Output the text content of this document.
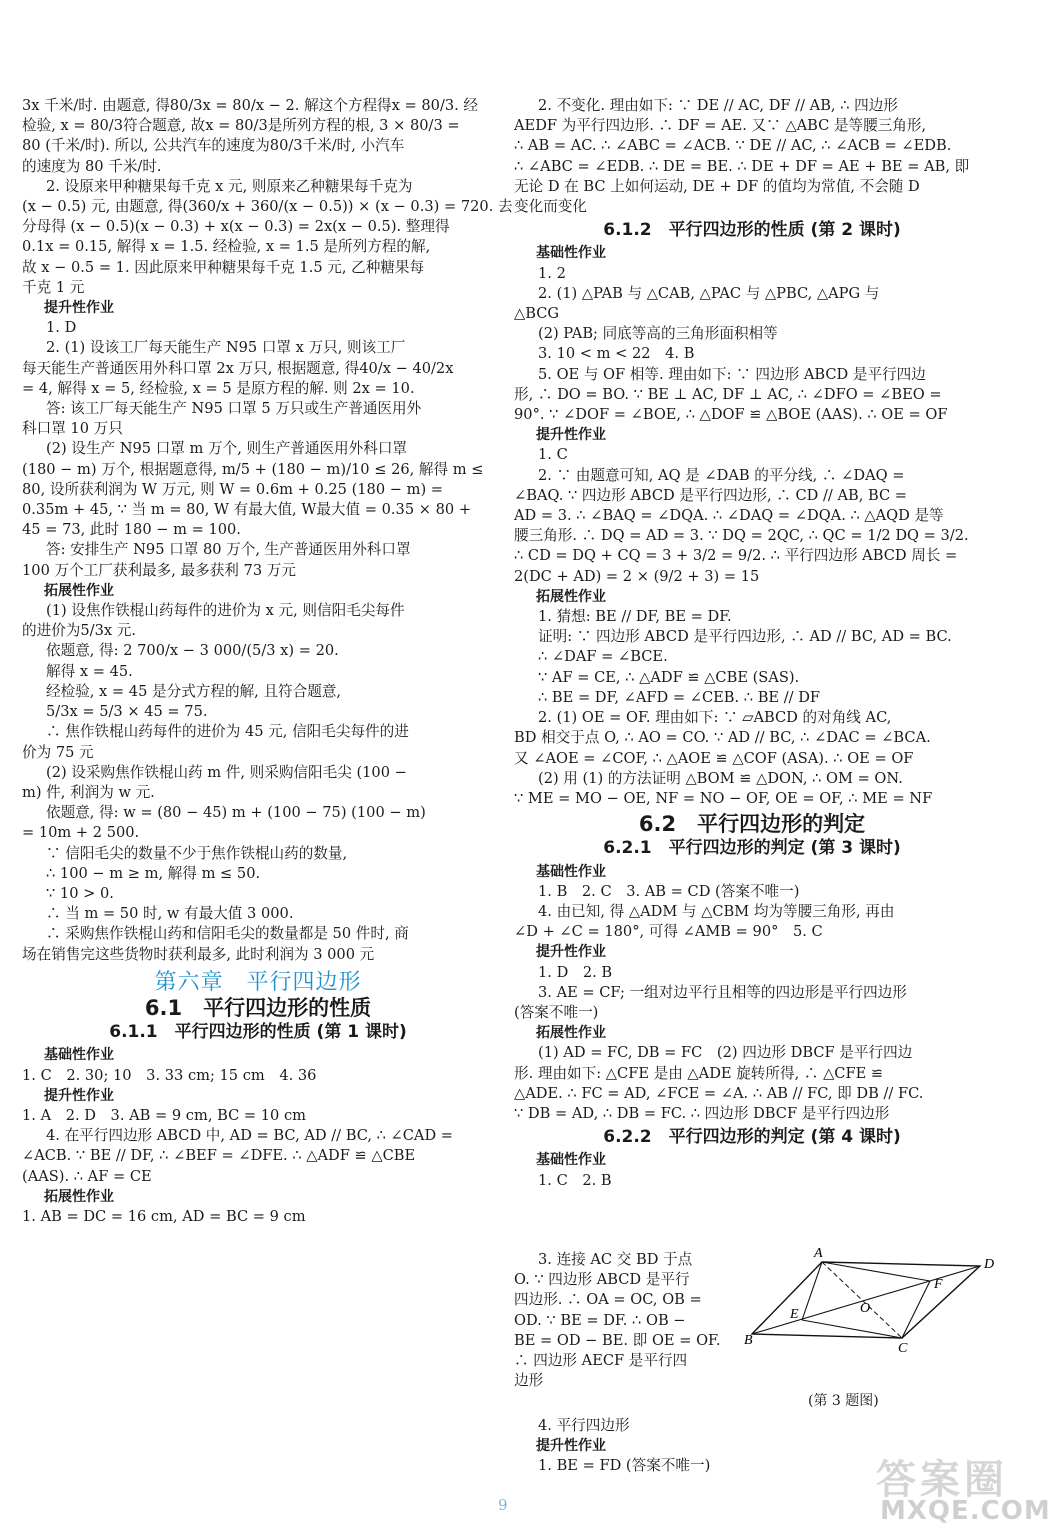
3x 千米/时. 由题意, 得80/3x = 80/x − 2. 解这个方程得x = 80/3. 经

检验, x = 80/3符合题意, 故x = 80/3是所列方程的根, 3 × 80/3 =

80 (千米/时). 所以, 公共汽车的速度为80/3千米/时, 小汽车

的速度为 80 千米/时.

2. 设原来甲种糖果每千克 x 元, 则原来乙种糖果每千克为

(x − 0.5) 元, 由题意, 得(360/x + 360/(x − 0.5)) × (x − 0.3) = 720. 去

分母得 (x − 0.5)(x − 0.3) + x(x − 0.3) = 2x(x − 0.5). 整理得

0.1x = 0.15, 解得 x = 1.5. 经检验, x = 1.5 是所列方程的解,

故 x − 0.5 = 1. 因此原来甲种糖果每千克 1.5 元, 乙种糖果每

千克 1 元

提升性作业

1. D

2. (1) 设该工厂每天能生产 N95 口罩 x 万只, 则该工厂

每天能生产普通医用外科口罩 2x 万只, 根据题意, 得40/x − 40/2x

= 4, 解得 x = 5, 经检验, x = 5 是原方程的解. 则 2x = 10.

答: 该工厂每天能生产 N95 口罩 5 万只或生产普通医用外

科口罩 10 万只

(2) 设生产 N95 口罩 m 万个, 则生产普通医用外科口罩

(180 − m) 万个, 根据题意得, m/5 + (180 − m)/10 ≤ 26, 解得 m ≤

80, 设所获利润为 W 万元, 则 W = 0.6m + 0.25 (180 − m) =

0.35m + 45, ∵ 当 m = 80, W 有最大值, W最大值 = 0.35 × 80 +

45 = 73, 此时 180 − m = 100.

答: 安排生产 N95 口罩 80 万个, 生产普通医用外科口罩

100 万个工厂获利最多, 最多获利 73 万元

拓展性作业

(1) 设焦作铁棍山药每件的进价为 x 元, 则信阳毛尖每件

的进价为5/3x 元.

依题意, 得: 2 700/x − 3 000/(5/3 x) = 20.

解得 x = 45.

经检验, x = 45 是分式方程的解, 且符合题意,

5/3x = 5/3 × 45 = 75.

∴ 焦作铁棍山药每件的进价为 45 元, 信阳毛尖每件的进

价为 75 元

(2) 设采购焦作铁棍山药 m 件, 则采购信阳毛尖 (100 −

m) 件, 利润为 w 元.

依题意, 得: w = (80 − 45) m + (100 − 75) (100 − m)

= 10m + 2 500.

∵ 信阳毛尖的数量不少于焦作铁棍山药的数量,

∴ 100 − m ≥ m, 解得 m ≤ 50.

∵ 10 > 0.

∴ 当 m = 50 时, w 有最大值 3 000.

∴ 采购焦作铁棍山药和信阳毛尖的数量都是 50 件时, 商

场在销售完这些货物时获利最多, 此时利润为 3 000 元

第六章　平行四边形

6.1　平行四边形的性质

6.1.1　平行四边形的性质 (第 1 课时)

基础性作业

1. C　2. 30; 10　3. 33 cm; 15 cm　4. 36

提升性作业

1. A　2. D　3. AB = 9 cm, BC = 10 cm

4. 在平行四边形 ABCD 中, AD = BC, AD // BC, ∴ ∠CAD =

∠ACB. ∵ BE // DF, ∴ ∠BEF = ∠DFE. ∴ △ADF ≌ △CBE

(AAS). ∴ AF = CE

拓展性作业

1. AB = DC = 16 cm, AD = BC = 9 cm

2. 不变化. 理由如下: ∵ DE // AC, DF // AB, ∴ 四边形

AEDF 为平行四边形. ∴ DF = AE. 又∵ △ABC 是等腰三角形,

∴ AB = AC. ∴ ∠ABC = ∠ACB. ∵ DE // AC, ∴ ∠ACB = ∠EDB.

∴ ∠ABC = ∠EDB. ∴ DE = BE. ∴ DE + DF = AE + BE = AB, 即

无论 D 在 BC 上如何运动, DE + DF 的值均为常值, 不会随 D

变化而变化

6.1.2　平行四边形的性质 (第 2 课时)

基础性作业

1. 2

2. (1) △PAB 与 △CAB, △PAC 与 △PBC, △APG 与

△BCG

(2) PAB; 同底等高的三角形面积相等

3. 10 < m < 22　4. B

5. OE 与 OF 相等. 理由如下: ∵ 四边形 ABCD 是平行四边

形, ∴ DO = BO. ∵ BE ⊥ AC, DF ⊥ AC, ∴ ∠DFO = ∠BEO =

90°. ∵ ∠DOF = ∠BOE, ∴ △DOF ≌ △BOE (AAS). ∴ OE = OF

提升性作业

1. C

2. ∵ 由题意可知, AQ 是 ∠DAB 的平分线, ∴ ∠DAQ =

∠BAQ. ∵ 四边形 ABCD 是平行四边形, ∴ CD // AB, BC =

AD = 3. ∴ ∠BAQ = ∠DQA. ∴ ∠DAQ = ∠DQA. ∴ △AQD 是等

腰三角形. ∴ DQ = AD = 3. ∵ DQ = 2QC, ∴ QC = 1/2 DQ = 3/2.

∴ CD = DQ + CQ = 3 + 3/2 = 9/2. ∴ 平行四边形 ABCD 周长 =

2(DC + AD) = 2 × (9/2 + 3) = 15

拓展性作业

1. 猜想: BE // DF, BE = DF.

证明: ∵ 四边形 ABCD 是平行四边形, ∴ AD // BC, AD = BC.

∴ ∠DAF = ∠BCE.

∵ AF = CE, ∴ △ADF ≌ △CBE (SAS).

∴ BE = DF, ∠AFD = ∠CEB. ∴ BE // DF

2. (1) OE = OF. 理由如下: ∵ ▱ABCD 的对角线 AC,

BD 相交于点 O, ∴ AO = CO. ∵ AD // BC, ∴ ∠DAC = ∠BCA.

又 ∠AOE = ∠COF, ∴ △AOE ≌ △COF (ASA). ∴ OE = OF

(2) 用 (1) 的方法证明 △BOM ≌ △DON, ∴ OM = ON.

∵ ME = MO − OE, NF = NO − OF, OE = OF, ∴ ME = NF

6.2　平行四边形的判定

6.2.1　平行四边形的判定 (第 3 课时)

基础性作业

1. B　2. C　3. AB = CD (答案不唯一)

4. 由已知, 得 △ADM 与 △CBM 均为等腰三角形, 再由

∠D + ∠C = 180°, 可得 ∠AMB = 90°　5. C

提升性作业

1. D　2. B

3. AE = CF; 一组对边平行且相等的四边形是平行四边形

(答案不唯一)

拓展性作业

(1) AD = FC, DB = FC　(2) 四边形 DBCF 是平行四边

形. 理由如下: △CFE 是由 △ADE 旋转所得, ∴ △CFE ≌

△ADE. ∴ FC = AD, ∠FCE = ∠A. ∴ AB // FC, 即 DB // FC.

∵ DB = AD, ∴ DB = FC. ∴ 四边形 DBCF 是平行四边形

6.2.2　平行四边形的判定 (第 4 课时)

基础性作业

1. C　2. B

3. 连接 AC 交 BD 于点

O. ∵ 四边形 ABCD 是平行

四边形. ∴ OA = OC, OB =

OD. ∵ BE = DF. ∴ OB −

BE = OD − BE. 即 OE = OF.

∴ 四边形 AECF 是平行四

边形

4. 平行四边形

提升性作业

1. BE = FD (答案不唯一)

A
D
B
C
E
F
O
(第 3 题图)
9
答案圈
MXQE.COM
